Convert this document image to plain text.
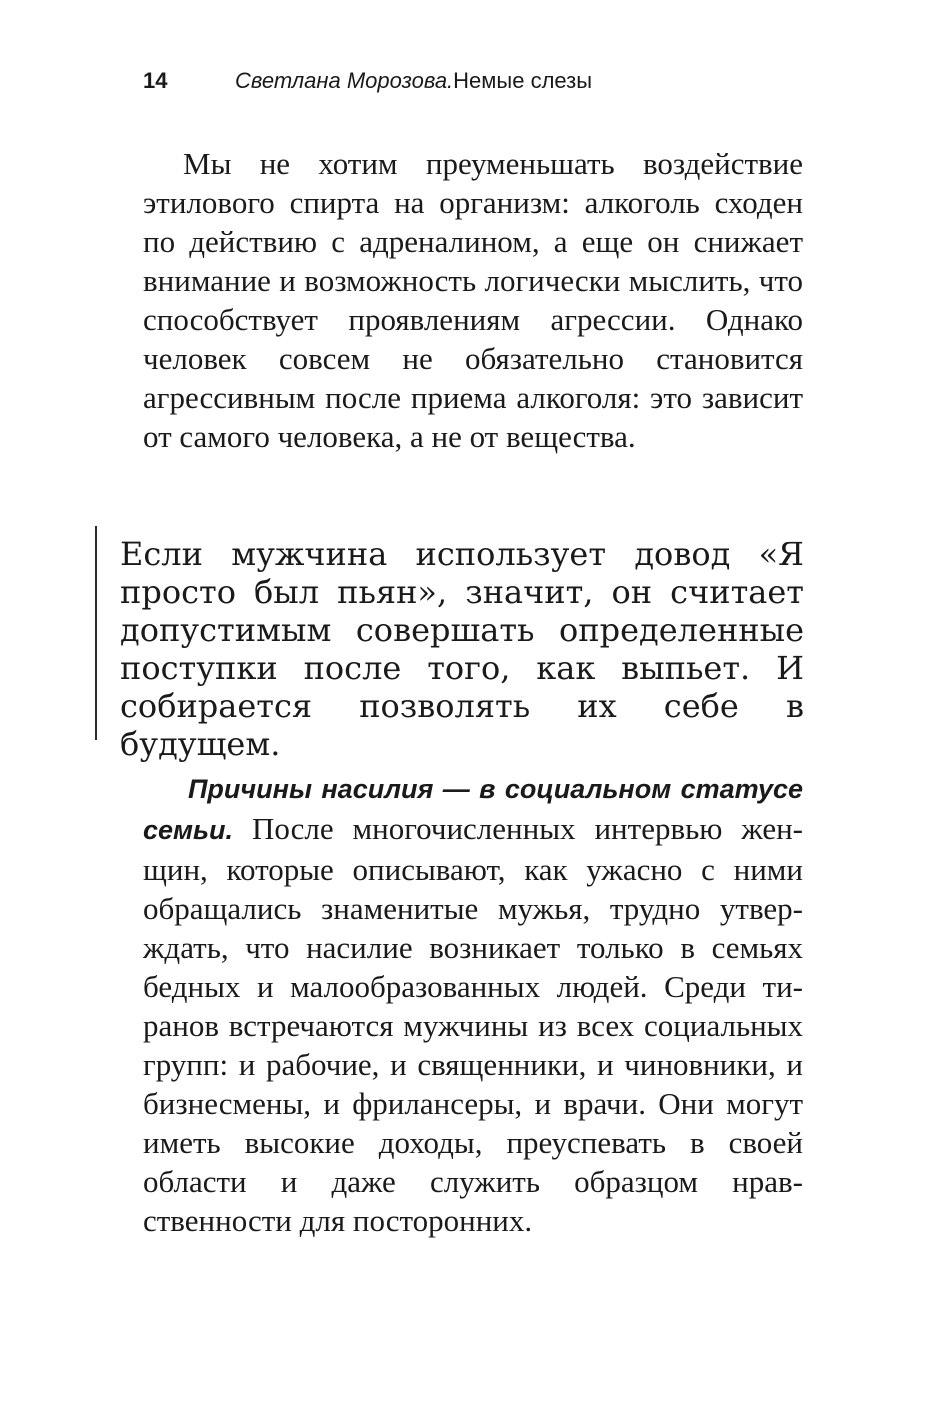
14	Светлана Морозова.Немые слезы

Мы не хотим преуменьшать воздействие этилового спирта на организм: алкоголь сходен по действию с адреналином, а еще он снижает внимание и возможность логически мыслить, что способствует проявлениям агрессии. Однако человек совсем не обязательно становится агрессивным после приема алкоголя: это зависит от самого человека, а не от вещества.

Если мужчина использует довод «Я просто был пьян», значит, он считает допустимым совершать определенные поступки после того, как выпьет. И собирается позволять их себе в будущем.

Причины насилия — в социальном статусе семьи. После многочисленных интервью женщин, которые описывают, как ужасно с ними обращались знаменитые мужья, трудно утверждать, что насилие возникает только в семьях бедных и малообразованных людей. Среди тиранов встречаются мужчины из всех социальных групп: и рабочие, и священники, и чиновники, и бизнесмены, и фрилансеры, и врачи. Они могут иметь высокие доходы, преуспевать в своей области и даже служить образцом нравственности для посторонних.
